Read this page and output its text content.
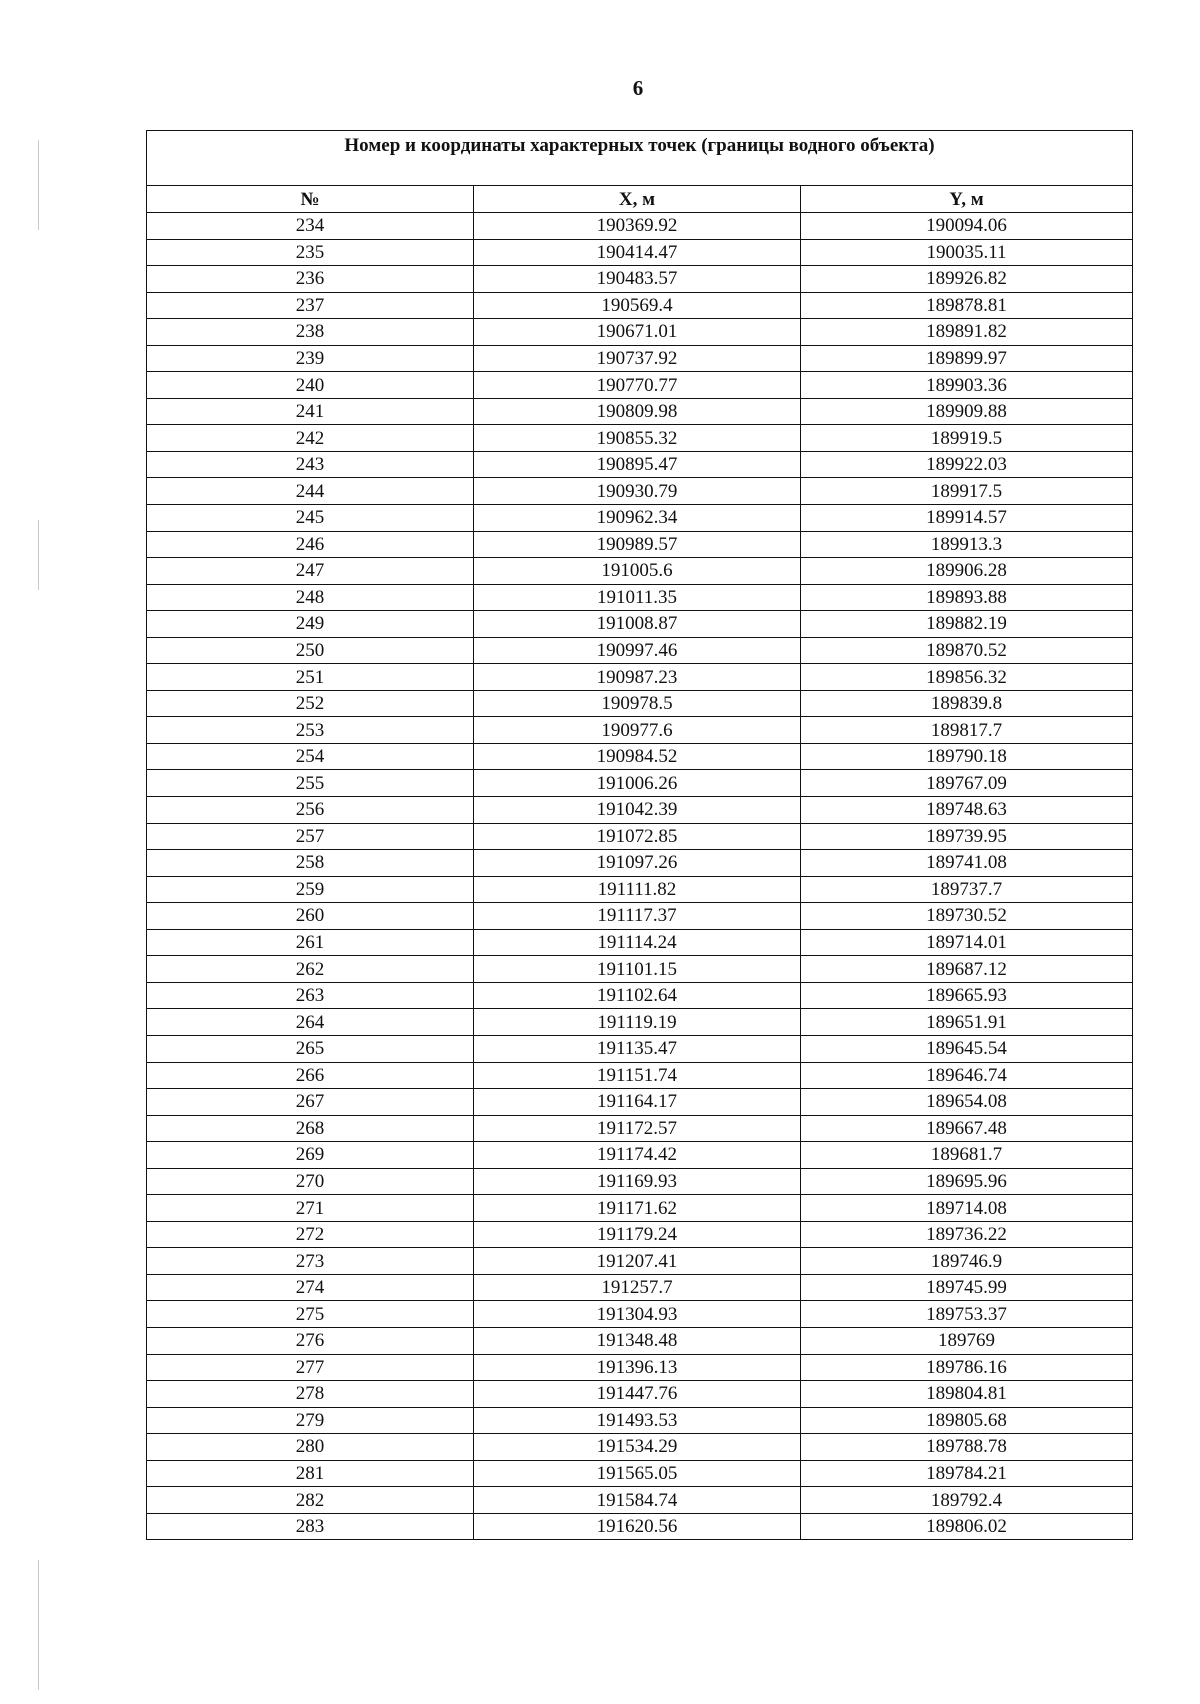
6
Номер и координаты характерных точек (границы водного объекта)		
№	X, м	Y, м
234	190369.92	190094.06
235	190414.47	190035.11
236	190483.57	189926.82
237	190569.4	189878.81
238	190671.01	189891.82
239	190737.92	189899.97
240	190770.77	189903.36
241	190809.98	189909.88
242	190855.32	189919.5
243	190895.47	189922.03
244	190930.79	189917.5
245	190962.34	189914.57
246	190989.57	189913.3
247	191005.6	189906.28
248	191011.35	189893.88
249	191008.87	189882.19
250	190997.46	189870.52
251	190987.23	189856.32
252	190978.5	189839.8
253	190977.6	189817.7
254	190984.52	189790.18
255	191006.26	189767.09
256	191042.39	189748.63
257	191072.85	189739.95
258	191097.26	189741.08
259	191111.82	189737.7
260	191117.37	189730.52
261	191114.24	189714.01
262	191101.15	189687.12
263	191102.64	189665.93
264	191119.19	189651.91
265	191135.47	189645.54
266	191151.74	189646.74
267	191164.17	189654.08
268	191172.57	189667.48
269	191174.42	189681.7
270	191169.93	189695.96
271	191171.62	189714.08
272	191179.24	189736.22
273	191207.41	189746.9
274	191257.7	189745.99
275	191304.93	189753.37
276	191348.48	189769
277	191396.13	189786.16
278	191447.76	189804.81
279	191493.53	189805.68
280	191534.29	189788.78
281	191565.05	189784.21
282	191584.74	189792.4
283	191620.56	189806.02
